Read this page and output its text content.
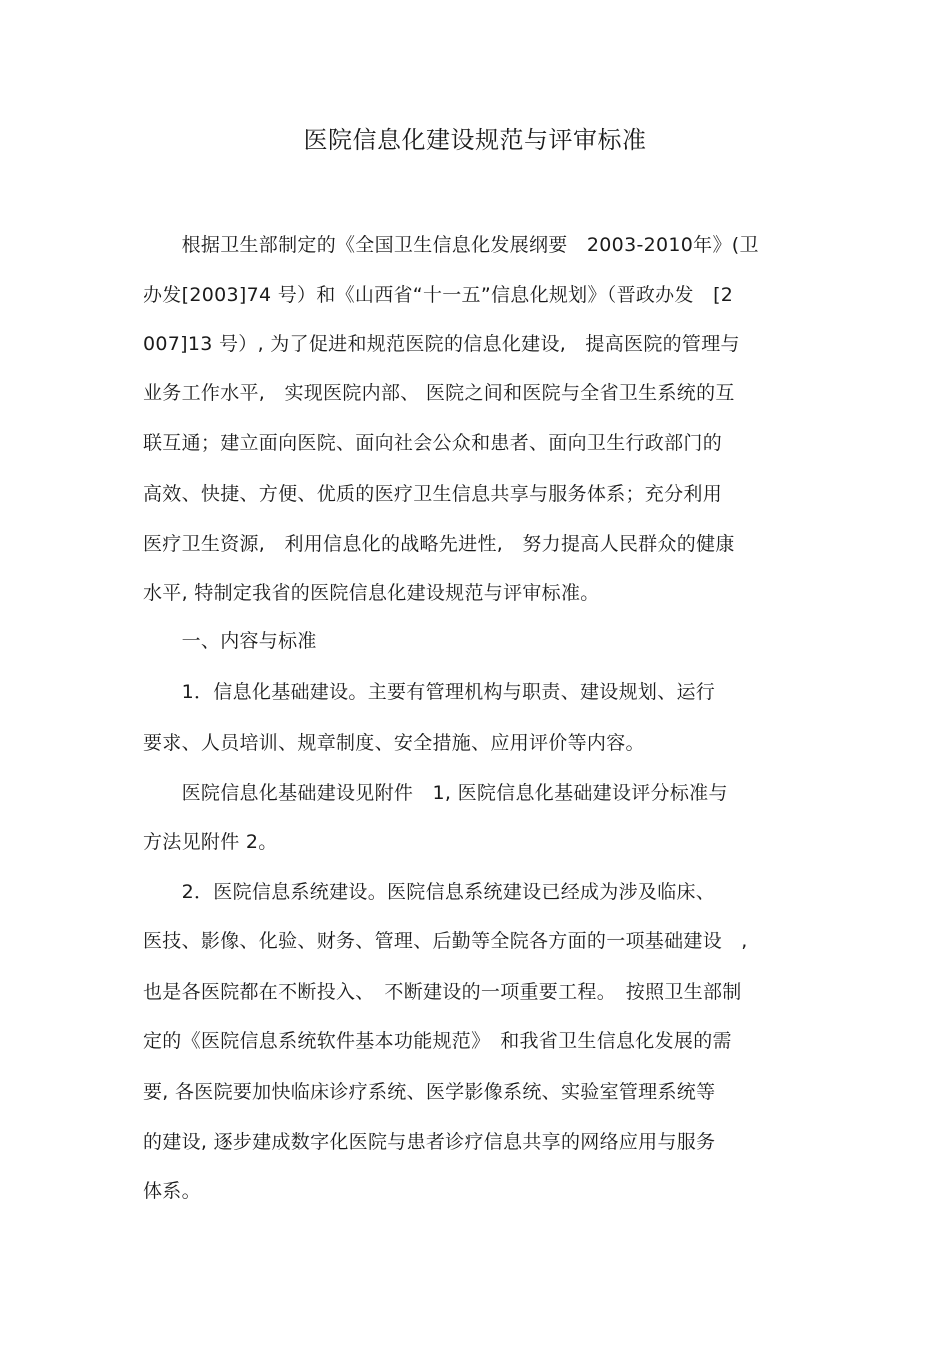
医院信息化建设规范与评审标准
　　根据卫生部制定的《全国卫生信息化发展纲要　2003-2010年》(卫
办发[2003]74 号）和《山西省“十一五”信息化规划》（晋政办发　[2
007]13 号）, 为了促进和规范医院的信息化建设,　提高医院的管理与
业务工作水平,　实现医院内部、 医院之间和医院与全省卫生系统的互
联互通；建立面向医院、面向社会公众和患者、面向卫生行政部门的
高效、快捷、方便、优质的医疗卫生信息共享与服务体系；充分利用
医疗卫生资源,　利用信息化的战略先进性,　努力提高人民群众的健康
水平, 特制定我省的医院信息化建设规范与评审标准。
　　一、内容与标准
　　1．信息化基础建设。主要有管理机构与职责、建设规划、运行
要求、人员培训、规章制度、安全措施、应用评价等内容。
　　医院信息化基础建设见附件　1, 医院信息化基础建设评分标准与
方法见附件 2。
　　2．医院信息系统建设。医院信息系统建设已经成为涉及临床、
医技、影像、化验、财务、管理、后勤等全院各方面的一项基础建设　,
也是各医院都在不断投入、　不断建设的一项重要工程。　按照卫生部制
定的《医院信息系统软件基本功能规范》　和我省卫生信息化发展的需
要, 各医院要加快临床诊疗系统、医学影像系统、实验室管理系统等
的建设, 逐步建成数字化医院与患者诊疗信息共享的网络应用与服务
体系。
